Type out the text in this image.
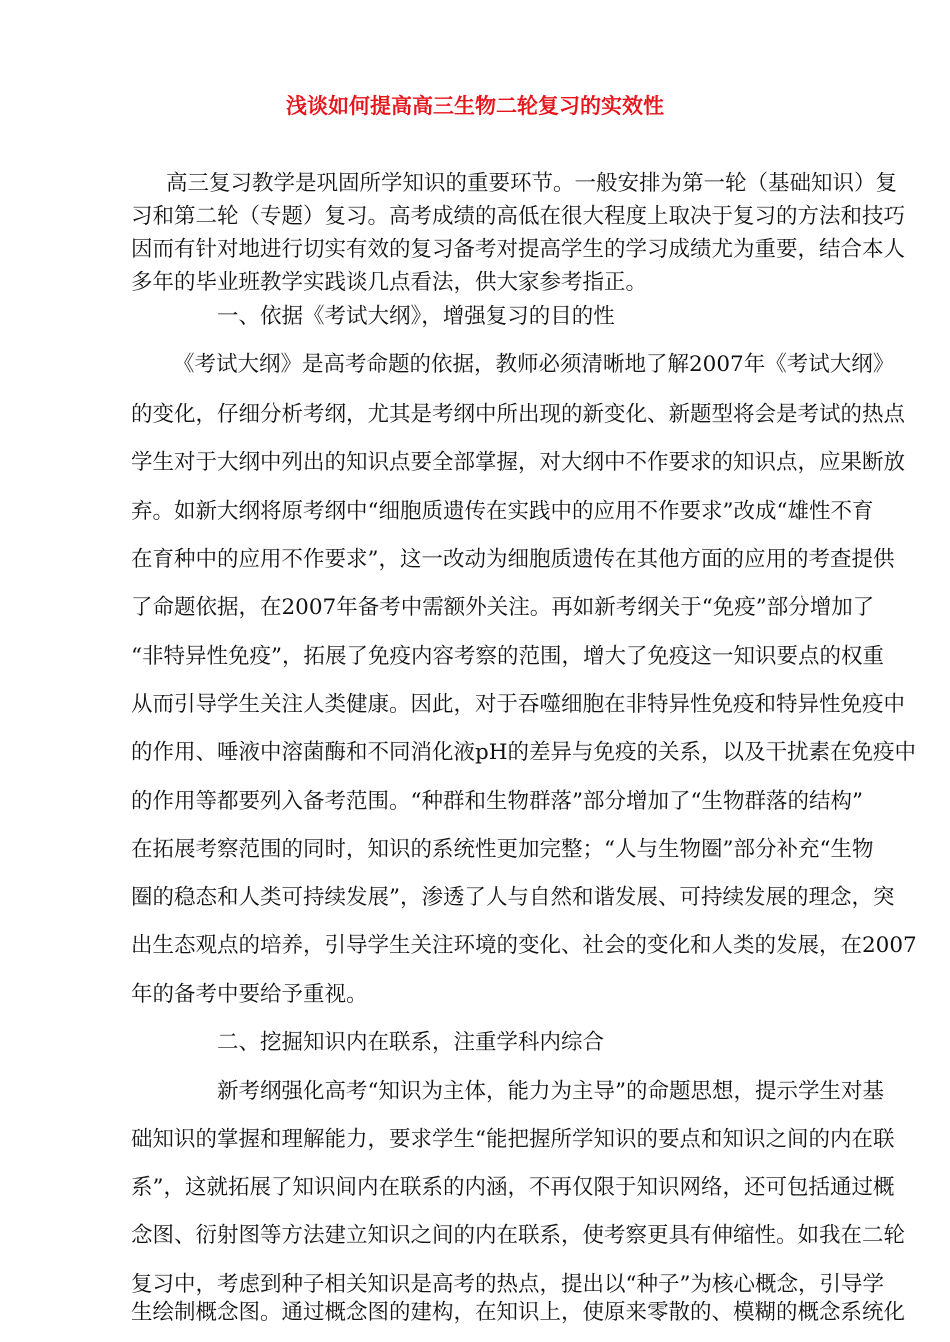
浅谈如何提高高三生物二轮复习的实效性

高三复习教学是巩固所学知识的重要环节。一般安排为第一轮（基础知识）复

习和第二轮（专题）复习。高考成绩的高低在很大程度上取决于复习的方法和技巧

因而有针对地进行切实有效的复习备考对提高学生的学习成绩尤为重要，结合本人

多年的毕业班教学实践谈几点看法，供大家参考指正。

一、依据《考试大纲》，增强复习的目的性

《考试大纲》是高考命题的依据，教师必须清晰地了解2007年《考试大纲》

的变化，仔细分析考纲，尤其是考纲中所出现的新变化、新题型将会是考试的热点

学生对于大纲中列出的知识点要全部掌握，对大纲中不作要求的知识点，应果断放

弃。如新大纲将原考纲中“细胞质遗传在实践中的应用不作要求”改成“雄性不育

在育种中的应用不作要求”，这一改动为细胞质遗传在其他方面的应用的考查提供

了命题依据，在2007年备考中需额外关注。再如新考纲关于“免疫”部分增加了

“非特异性免疫”，拓展了免疫内容考察的范围，增大了免疫这一知识要点的权重

从而引导学生关注人类健康。因此，对于吞噬细胞在非特异性免疫和特异性免疫中

的作用、唾液中溶菌酶和不同消化液pH的差异与免疫的关系，以及干扰素在免疫中

的作用等都要列入备考范围。“种群和生物群落”部分增加了“生物群落的结构”

在拓展考察范围的同时，知识的系统性更加完整；“人与生物圈”部分补充“生物

圈的稳态和人类可持续发展”，渗透了人与自然和谐发展、可持续发展的理念，突

出生态观点的培养，引导学生关注环境的变化、社会的变化和人类的发展，在2007

年的备考中要给予重视。

二、挖掘知识内在联系，注重学科内综合

新考纲强化高考“知识为主体，能力为主导”的命题思想，提示学生对基

础知识的掌握和理解能力，要求学生“能把握所学知识的要点和知识之间的内在联

系”，这就拓展了知识间内在联系的内涵，不再仅限于知识网络，还可包括通过概

念图、衍射图等方法建立知识之间的内在联系，使考察更具有伸缩性。如我在二轮

复习中，考虑到种子相关知识是高考的热点，提出以“种子”为核心概念，引导学

生绘制概念图。通过概念图的建构，在知识上，使原来零散的、模糊的概念系统化
